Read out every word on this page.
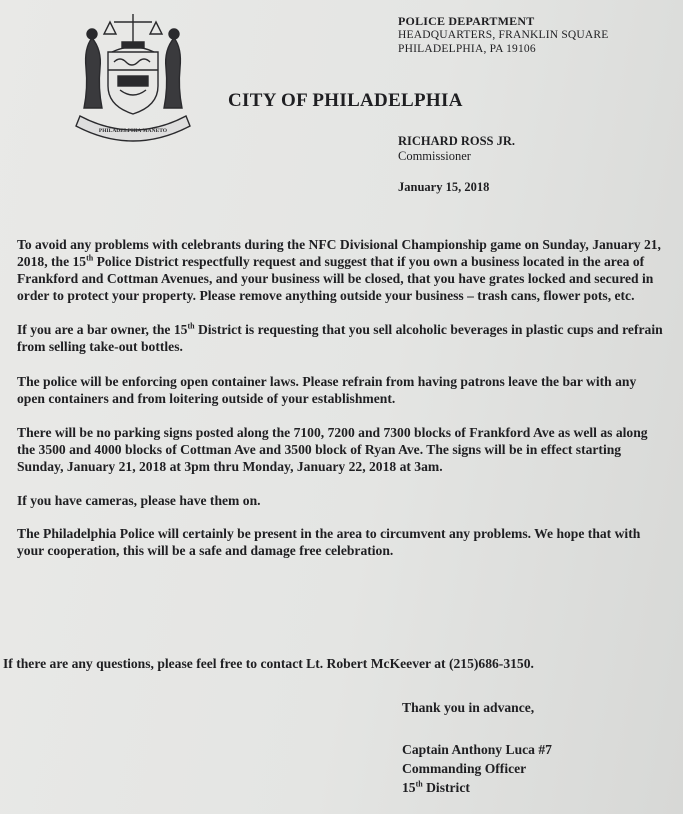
PHILADELPHIA MANETO
POLICE DEPARTMENT
HEADQUARTERS, FRANKLIN SQUARE
PHILADELPHIA, PA 19106
CITY OF PHILADELPHIA
RICHARD ROSS JR.
Commissioner
January 15, 2018

To avoid any problems with celebrants during the NFC Divisional Championship game on Sunday, January 21, 2018, the 15th Police District respectfully request and suggest that if you own a business located in the area of Frankford and Cottman Avenues, and your business will be closed, that you have grates locked and secured in order to protect your property. Please remove anything outside your business – trash cans, flower pots, etc.

If you are a bar owner, the 15th District is requesting that you sell alcoholic beverages in plastic cups and refrain from selling take-out bottles.

The police will be enforcing open container laws. Please refrain from having patrons leave the bar with any open containers and from loitering outside of your establishment.

There will be no parking signs posted along the 7100, 7200 and 7300 blocks of Frankford Ave as well as along the 3500 and 4000 blocks of Cottman Ave and 3500 block of Ryan Ave. The signs will be in effect starting Sunday, January 21, 2018 at 3pm thru Monday, January 22, 2018 at 3am.

If you have cameras, please have them on.

The Philadelphia Police will certainly be present in the area to circumvent any problems. We hope that with your cooperation, this will be a safe and damage free celebration.

If there are any questions, please feel free to contact Lt. Robert McKeever at (215)686-3150.
Thank you in advance,
Captain Anthony Luca #7
Commanding Officer
15th District
